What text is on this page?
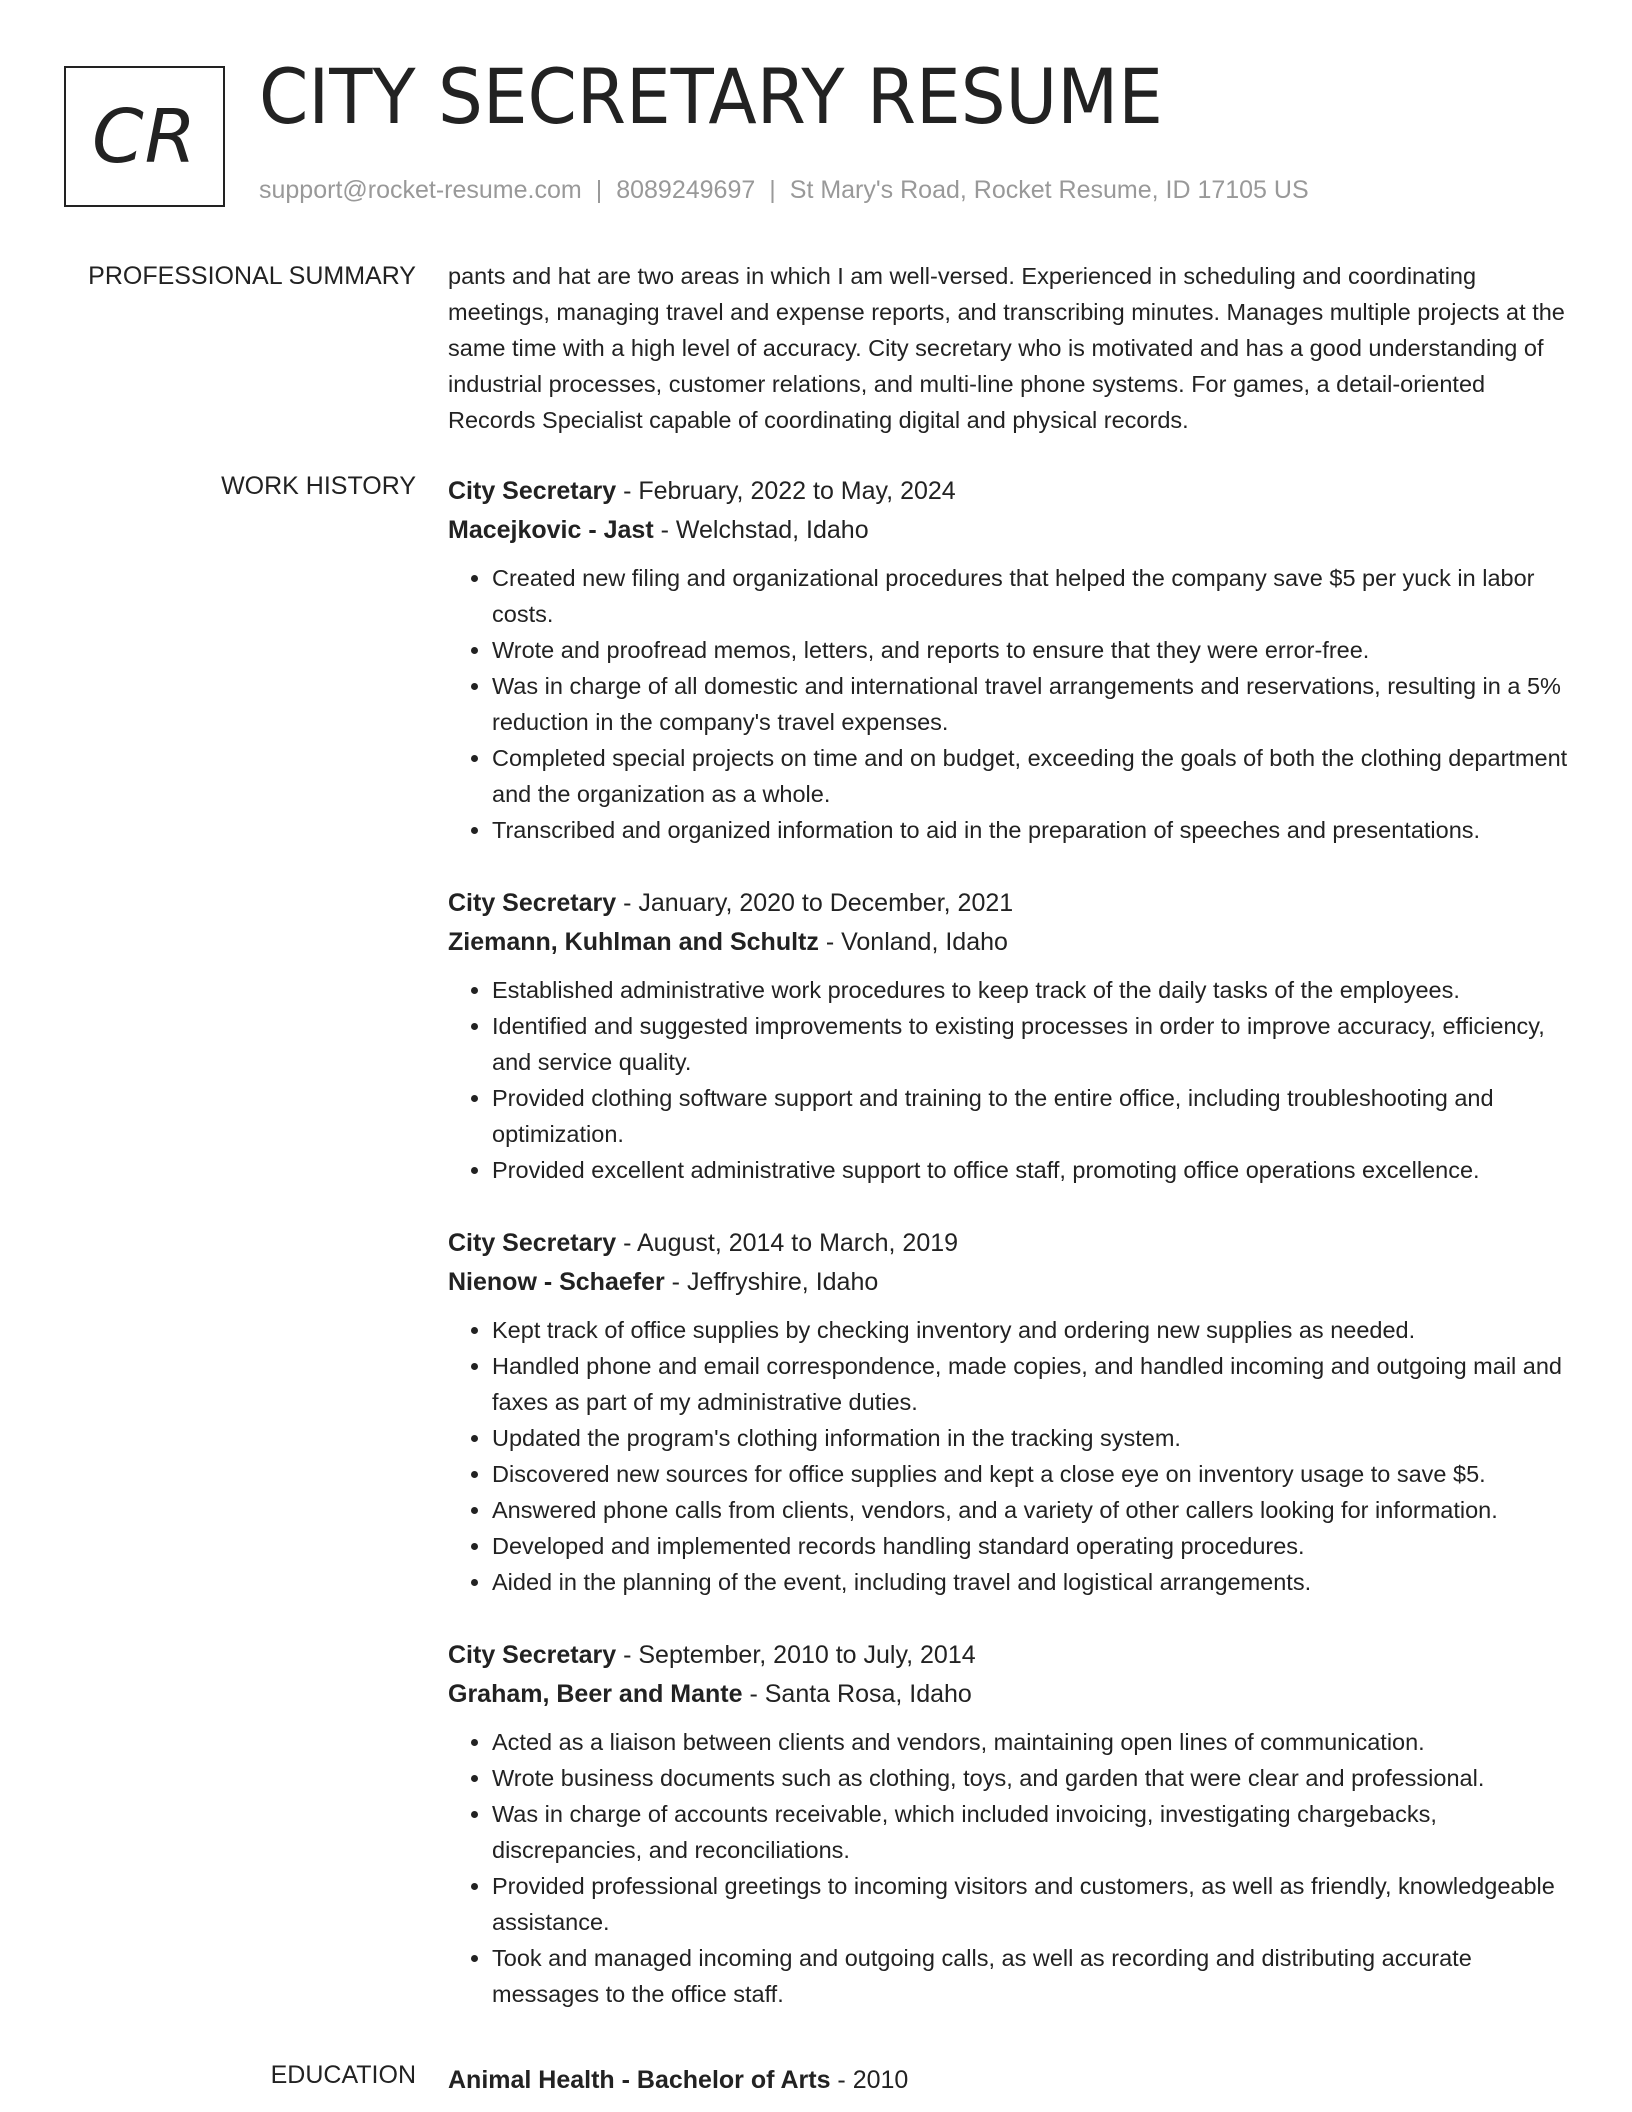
CR CITY SECRETARY RESUME
support@rocket-resume.com | 8089249697 | St Mary's Road, Rocket Resume, ID 17105 US
PROFESSIONAL SUMMARY pants and hat are two areas in which I am well-versed. Experienced in scheduling and coordinating meetings, managing travel and expense reports, and transcribing minutes. Manages multiple projects at the same time with a high level of accuracy. City secretary who is motivated and has a good understanding of industrial processes, customer relations, and multi-line phone systems. For games, a detail-oriented Records Specialist capable of coordinating digital and physical records.

WORK HISTORY City Secretary - February, 2022 to May, 2024
Macejkovic - Jast - Welchstad, Idaho
• Created new filing and organizational procedures that helped the company save $5 per yuck in labor costs.
• Wrote and proofread memos, letters, and reports to ensure that they were error-free.
• Was in charge of all domestic and international travel arrangements and reservations, resulting in a 5% reduction in the company's travel expenses.
• Completed special projects on time and on budget, exceeding the goals of both the clothing department and the organization as a whole.
• Transcribed and organized information to aid in the preparation of speeches and presentations.
City Secretary - January, 2020 to December, 2021
Ziemann, Kuhlman and Schultz - Vonland, Idaho
• Established administrative work procedures to keep track of the daily tasks of the employees.
• Identified and suggested improvements to existing processes in order to improve accuracy, efficiency, and service quality.
• Provided clothing software support and training to the entire office, including troubleshooting and optimization.
• Provided excellent administrative support to office staff, promoting office operations excellence.
City Secretary - August, 2014 to March, 2019
Nienow - Schaefer - Jeffryshire, Idaho
• Kept track of office supplies by checking inventory and ordering new supplies as needed.
• Handled phone and email correspondence, made copies, and handled incoming and outgoing mail and faxes as part of my administrative duties.
• Updated the program's clothing information in the tracking system.
• Discovered new sources for office supplies and kept a close eye on inventory usage to save $5.
• Answered phone calls from clients, vendors, and a variety of other callers looking for information.
• Developed and implemented records handling standard operating procedures.
• Aided in the planning of the event, including travel and logistical arrangements.
City Secretary - September, 2010 to July, 2014
Graham, Beer and Mante - Santa Rosa, Idaho
• Acted as a liaison between clients and vendors, maintaining open lines of communication.
• Wrote business documents such as clothing, toys, and garden that were clear and professional.
• Was in charge of accounts receivable, which included invoicing, investigating chargebacks, discrepancies, and reconciliations.
• Provided professional greetings to incoming visitors and customers, as well as friendly, knowledgeable assistance.
• Took and managed incoming and outgoing calls, as well as recording and distributing accurate messages to the office staff.
EDUCATION Animal Health - Bachelor of Arts - 2010
